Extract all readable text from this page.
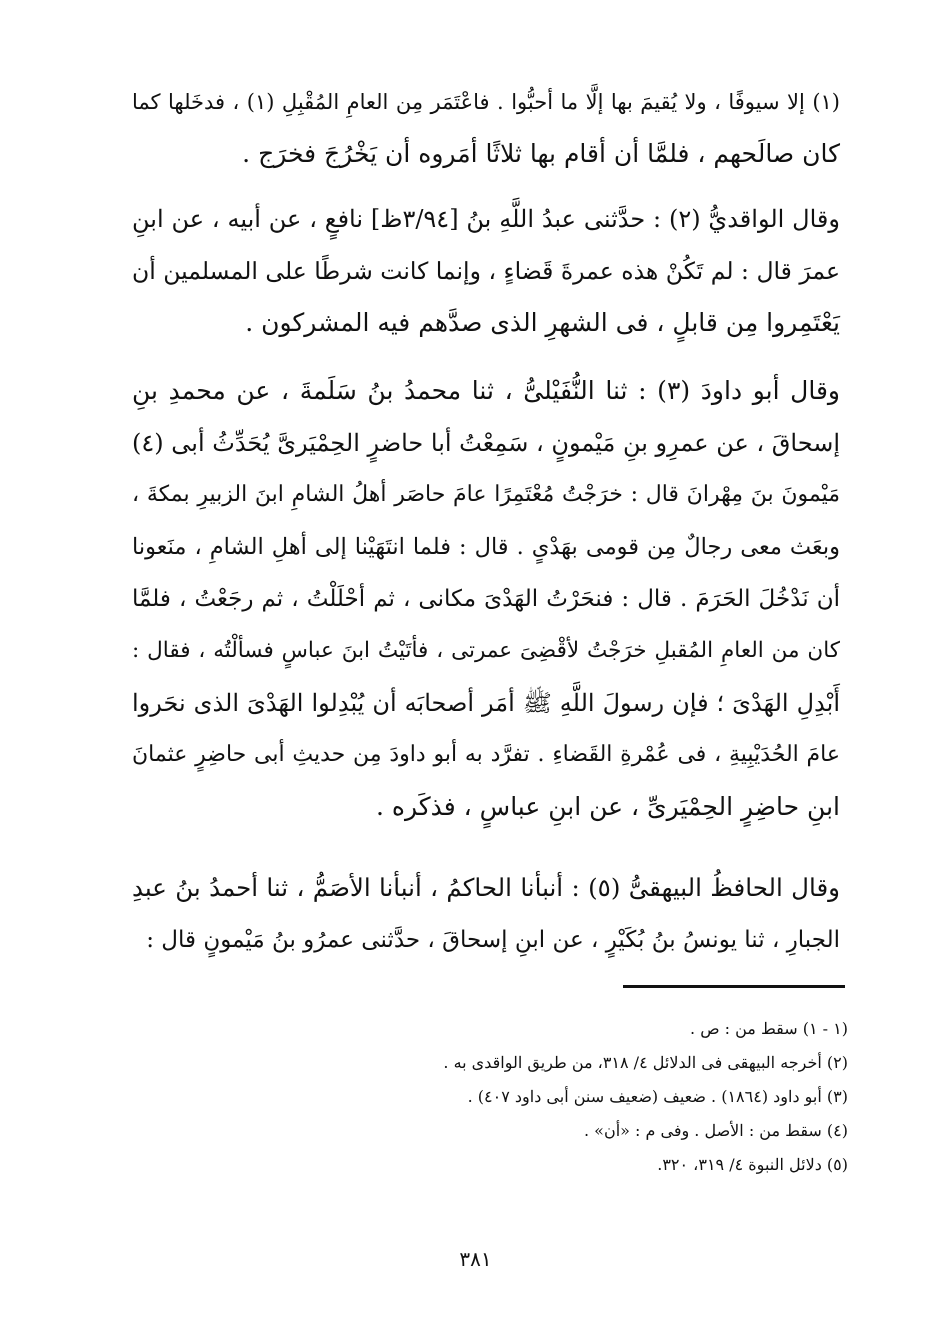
(١) إلا سيوفًا ، ولا يُقيمَ بها إلَّا ما أحبُّوا . فاعْتَمَر مِن العامِ المُقْبِلِ (١) ، فدخَلها كما
كان صالَحهم ، فلمَّا أن أقام بها ثلاثًا أمَروه أن يَخْرُجَ فخرَج .
وقال الواقديُّ (٢) : حدَّثنى عبدُ اللَّهِ بنُ [٣/٩٤ظ] نافعٍ ، عن أبيه ، عن ابنِ
عمرَ قال : لم تَكُنْ هذه عمرةَ قَضاءٍ ، وإنما كانت شرطًا على المسلمين أن
يَعْتَمِروا مِن قابلٍ ، فى الشهرِ الذى صدَّهم فيه المشركون .
وقال أبو داودَ (٣) : ثنا النُّفَيْلىُّ ، ثنا محمدُ بنُ سَلَمةَ ، عن محمدِ بنِ
إسحاقَ ، عن عمرِو بنِ مَيْمونٍ ، سَمِعْتُ أبا حاضرٍ الحِمْيَرىَّ يُحَدِّثُ أبى (٤)
مَيْمونَ بنَ مِهْرانَ قال : خرَجْتُ مُعْتَمِرًا عامَ حاصَر أهلُ الشامِ ابنَ الزبيرِ بمكةَ ،
وبعَث معى رجالٌ مِن قومى بهَدْىٍ . قال : فلما انتَهَيْنا إلى أهلِ الشامِ ، منَعونا
أن نَدْخُلَ الحَرَمَ . قال : فنحَرْتُ الهَدْىَ مكانى ، ثم أحْلَلْتُ ، ثم رجَعْتُ ، فلمَّا
كان من العامِ المُقبلِ خرَجْتُ لأقْضِىَ عمرتى ، فأتَيْتُ ابنَ عباسٍ فسألْتُه ، فقال :
أَبْدِلِ الهَدْىَ ؛ فإن رسولَ اللَّهِ ﷺ أمَر أصحابَه أن يُبْدِلوا الهَدْىَ الذى نحَروا
عامَ الحُدَيْبِيةِ ، فى عُمْرةِ القَضاءِ . تفرَّد به أبو داودَ مِن حديثِ أبى حاضِرٍ عثمانَ
ابنِ حاضِرٍ الحِمْيَرىِّ ، عن ابنِ عباسٍ ، فذكَره .
وقال الحافظُ البيهقىُّ (٥) : أنبأنا الحاكمُ ، أنبأنا الأصَمُّ ، ثنا أحمدُ بنُ عبدِ
الجبارِ ، ثنا يونسُ بنُ بُكَيْرٍ ، عن ابنِ إسحاقَ ، حدَّثنى عمرُو بنُ مَيْمونٍ قال :
(١ - ١) سقط من : ص .
(٢) أخرجه البيهقى فى الدلائل ٤/ ٣١٨، من طريق الواقدى به .
(٣) أبو داود (١٨٦٤) . ضعيف (ضعيف سنن أبى داود ٤٠٧) .
(٤) سقط من : الأصل . وفى م : «أن» .
(٥) دلائل النبوة ٤/ ٣١٩، ٣٢٠.
٣٨١
